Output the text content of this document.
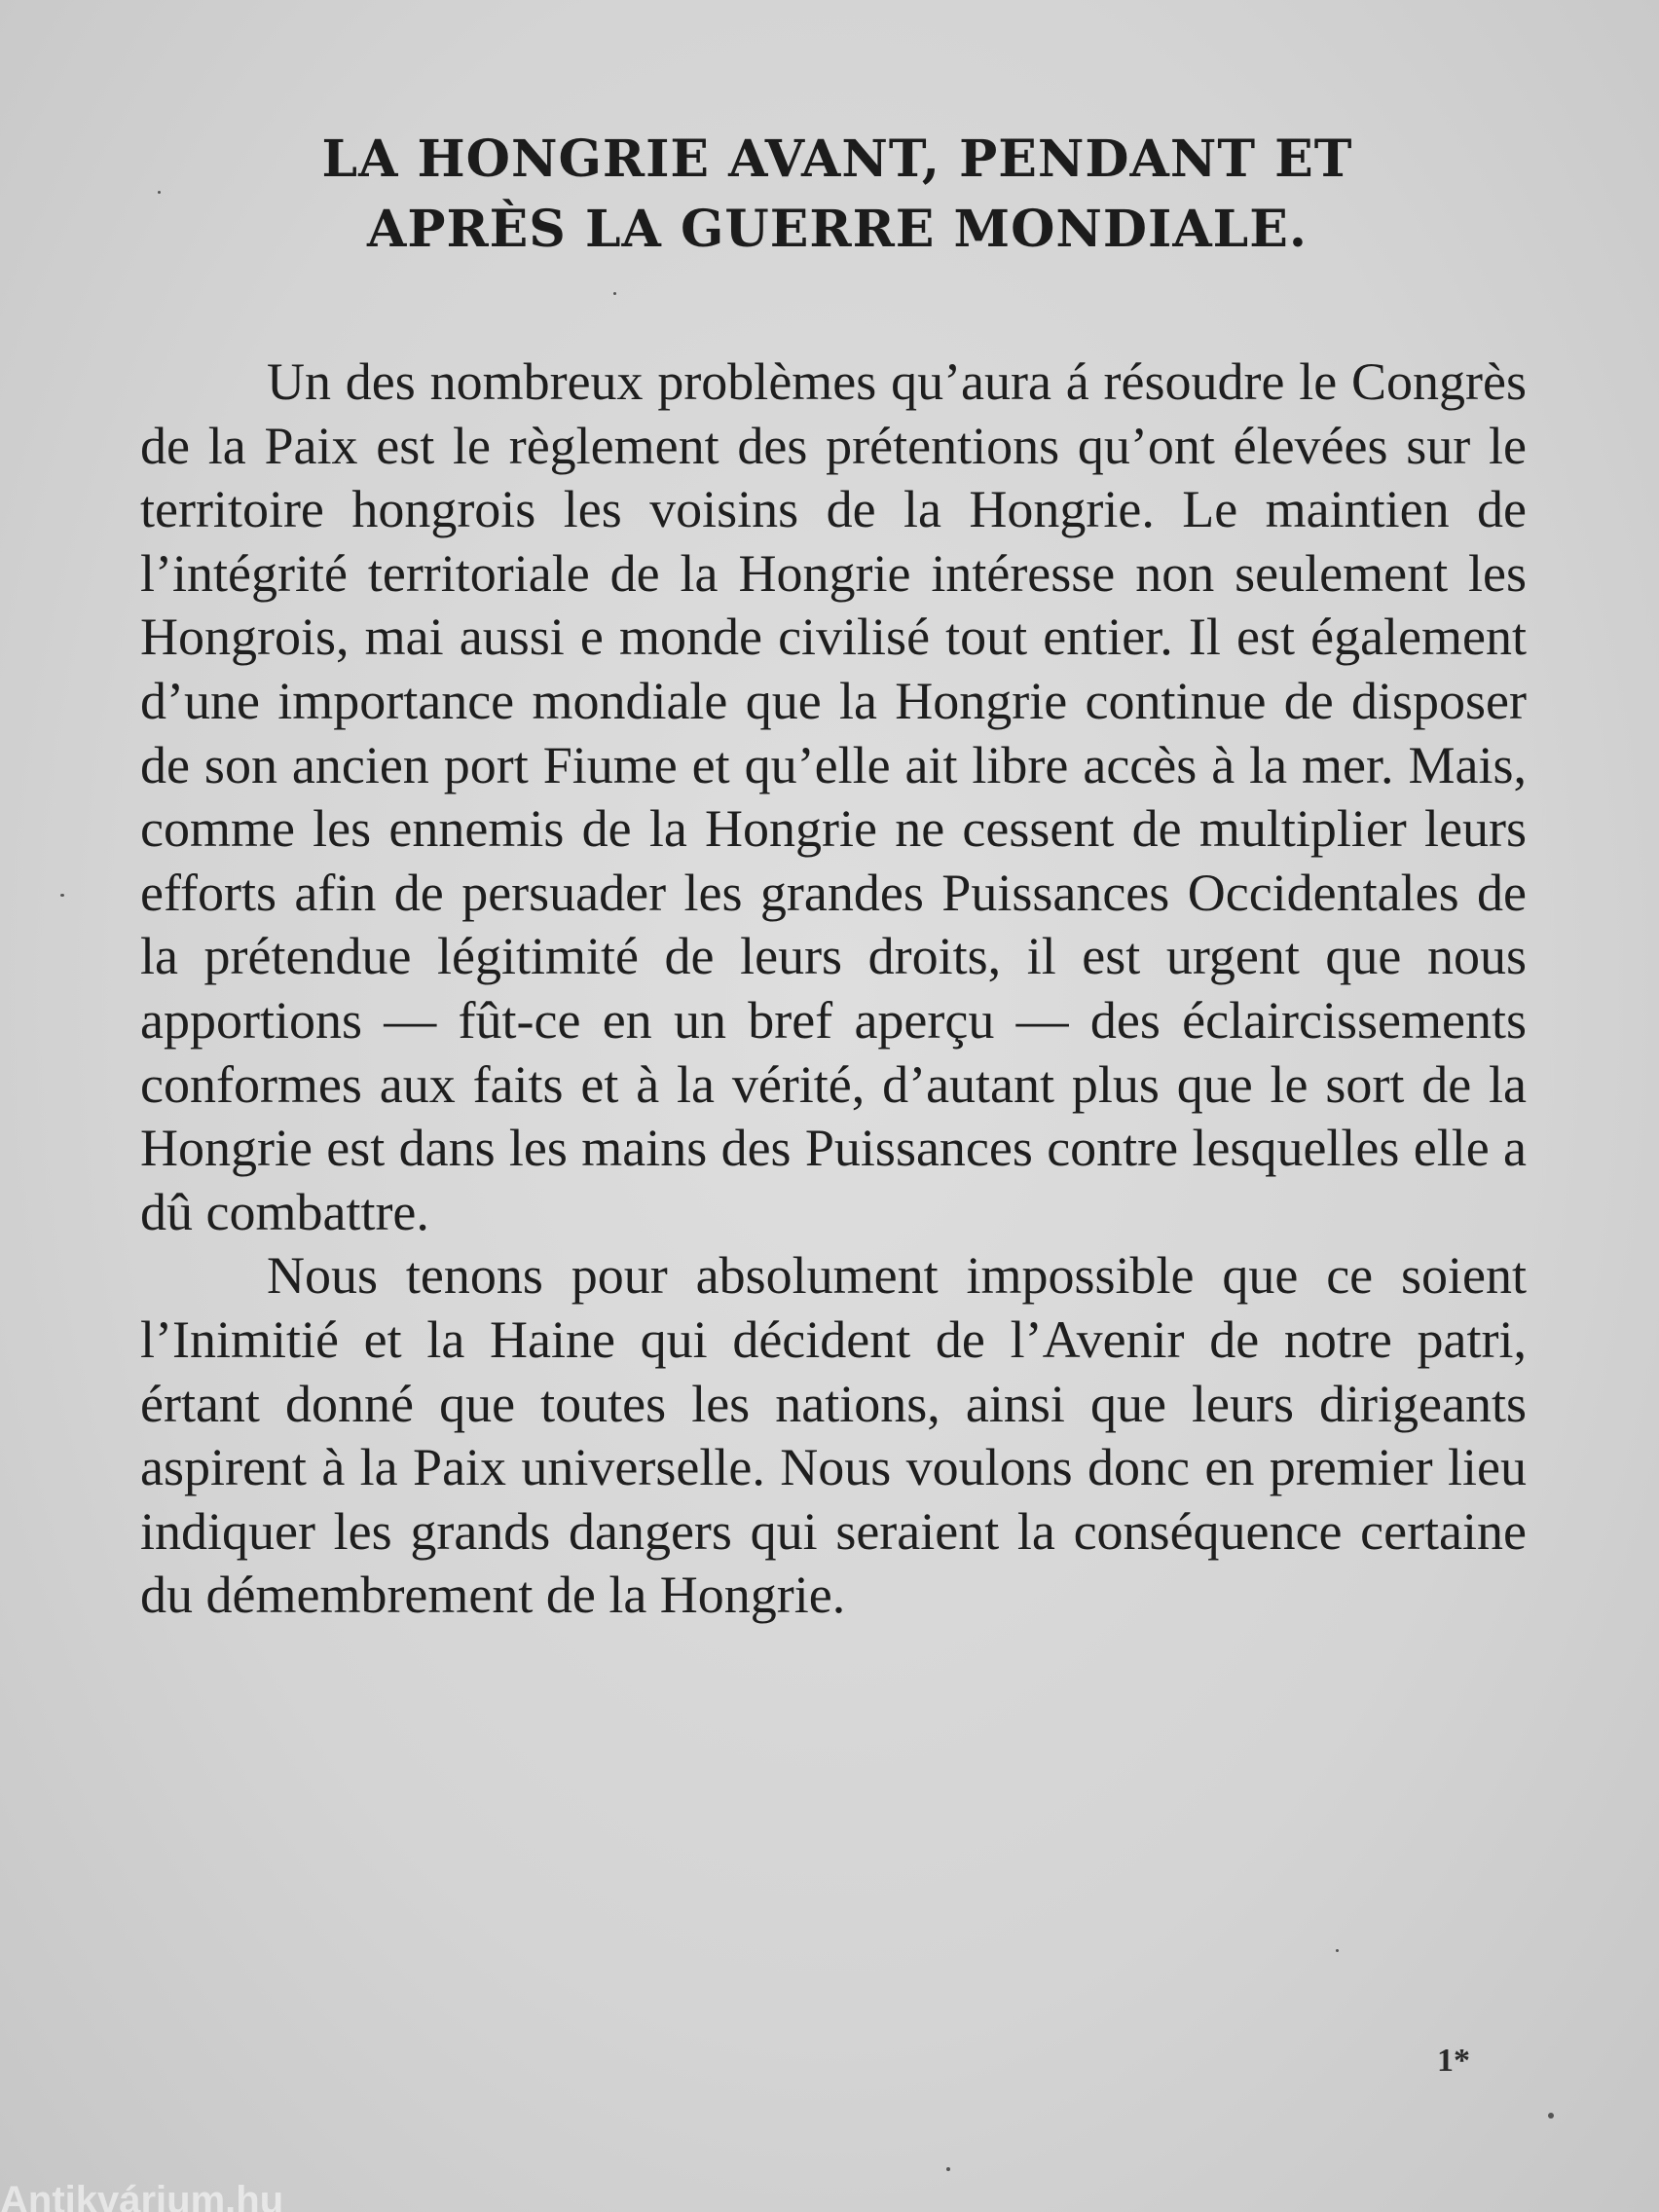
LA HONGRIE AVANT, PENDANT ET
APRÈS LA GUERRE MONDIALE.

Un des nombreux problèmes qu’aura á résoudre le Congrès de la Paix est le règlement des prétentions qu’ont élevées sur le territoire hongrois les voisins de la Hongrie. Le maintien de l’intégrité territoriale de la Hongrie intéresse non seulement les Hongrois, mai aussi e monde civilisé tout entier. Il est également d’une importance mondiale que la Hongrie continue de disposer de son ancien port Fiume et qu’elle ait libre accès à la mer. Mais, comme les ennemis de la Hongrie ne cessent de multiplier leurs efforts afin de persuader les grandes Puissances Occidentales de la prétendue légitimité de leurs droits, il est urgent que nous apportions — fût-ce en un bref aperçu — des éclaircissements conformes aux faits et à la vérité, d’autant plus que le sort de la Hongrie est dans les mains des Puissances contre lesquelles elle a dû combattre.

Nous tenons pour absolument impossible que ce soient l’Inimitié et la Haine qui décident de l’Avenir de notre patri, értant donné que toutes les nations, ainsi que leurs dirigeants aspirent à la Paix universelle. Nous voulons donc en premier lieu indiquer les grands dangers qui seraient la conséquence certaine du démembrement de la Hongrie.

1*
Antikvárium.hu
